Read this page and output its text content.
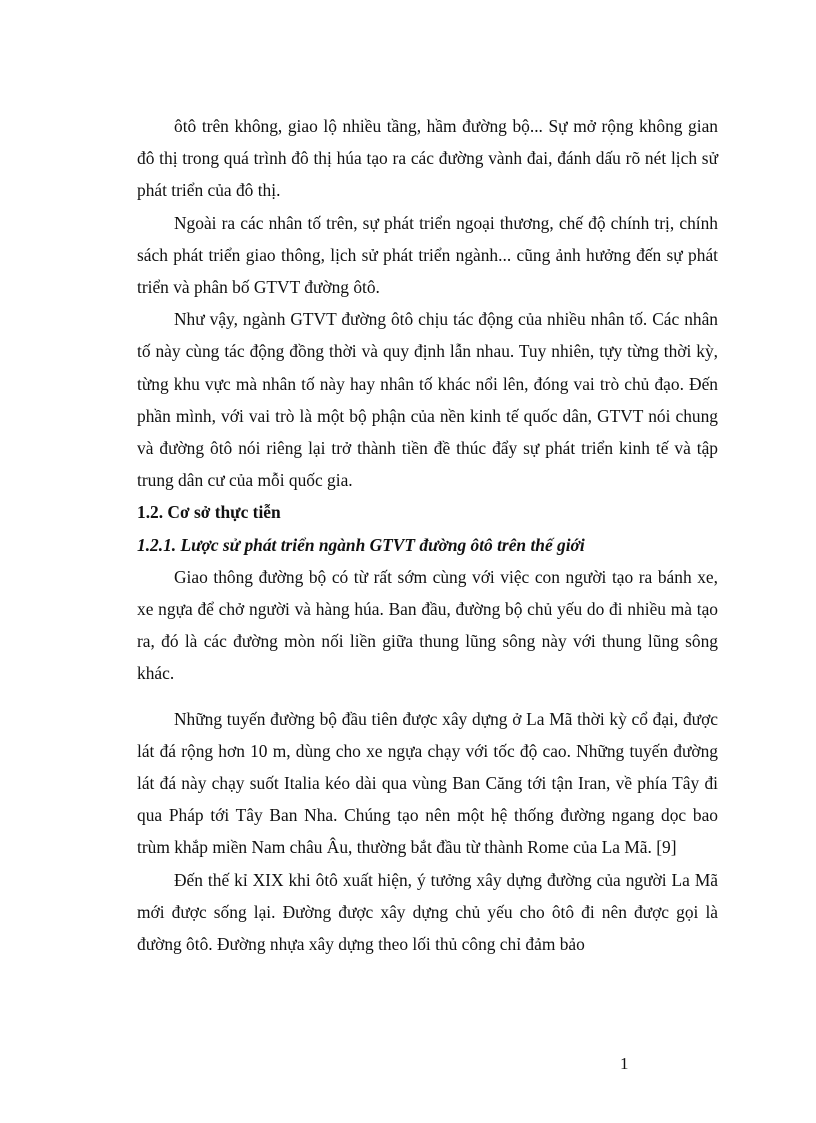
ôtô trên không, giao lộ nhiều tầng, hầm đường bộ... Sự mở rộng không gian đô thị trong quá trình đô thị húa tạo ra các đường vành đai, đánh dấu rõ nét lịch sử phát triển của đô thị.

Ngoài ra các nhân tố trên, sự phát triển ngoại thương, chế độ chính trị, chính sách phát triển giao thông, lịch sử phát triển ngành... cũng ảnh hưởng đến sự phát triển và phân bố GTVT đường ôtô.

Như vậy, ngành GTVT đường ôtô chịu tác động của nhiều nhân tố. Các nhân tố này cùng tác động đồng thời và quy định lẫn nhau. Tuy nhiên, tựy từng thời kỳ, từng khu vực mà nhân tố này hay nhân tố khác nổi lên, đóng vai trò chủ đạo. Đến phần mình, với vai trò là một bộ phận của nền kinh tế quốc dân, GTVT nói chung và đường ôtô nói riêng lại trở thành tiền đề thúc đẩy sự phát triển kinh tế và tập trung dân cư của mỗi quốc gia.

1.2. Cơ sở thực tiễn
1.2.1. Lược sử phát triển ngành GTVT đường ôtô trên thế giới

Giao thông đường bộ có từ rất sớm cùng với việc con người tạo ra bánh xe, xe ngựa để chở người và hàng húa. Ban đầu, đường bộ chủ yếu do đi nhiều mà tạo ra, đó là các đường mòn nối liền giữa thung lũng sông này với thung lũng sông khác.

Những tuyến đường bộ đầu tiên được xây dựng ở La Mã thời kỳ cổ đại, được lát đá rộng hơn 10 m, dùng cho xe ngựa chạy với tốc độ cao. Những tuyến đường lát đá này chạy suốt Italia kéo dài qua vùng Ban Căng tới tận Iran, về phía Tây đi qua Pháp tới Tây Ban Nha. Chúng tạo nên một hệ thống đường ngang dọc bao trùm khắp miền Nam châu Âu, thường bắt đầu từ thành Rome của La Mã. [9]

Đến thế kỉ XIX khi ôtô xuất hiện, ý tưởng xây dựng đường của người La Mã mới được sống lại. Đường được xây dựng chủ yếu cho ôtô đi nên được gọi là đường ôtô. Đường nhựa xây dựng theo lối thủ công chỉ đảm bảo

1
